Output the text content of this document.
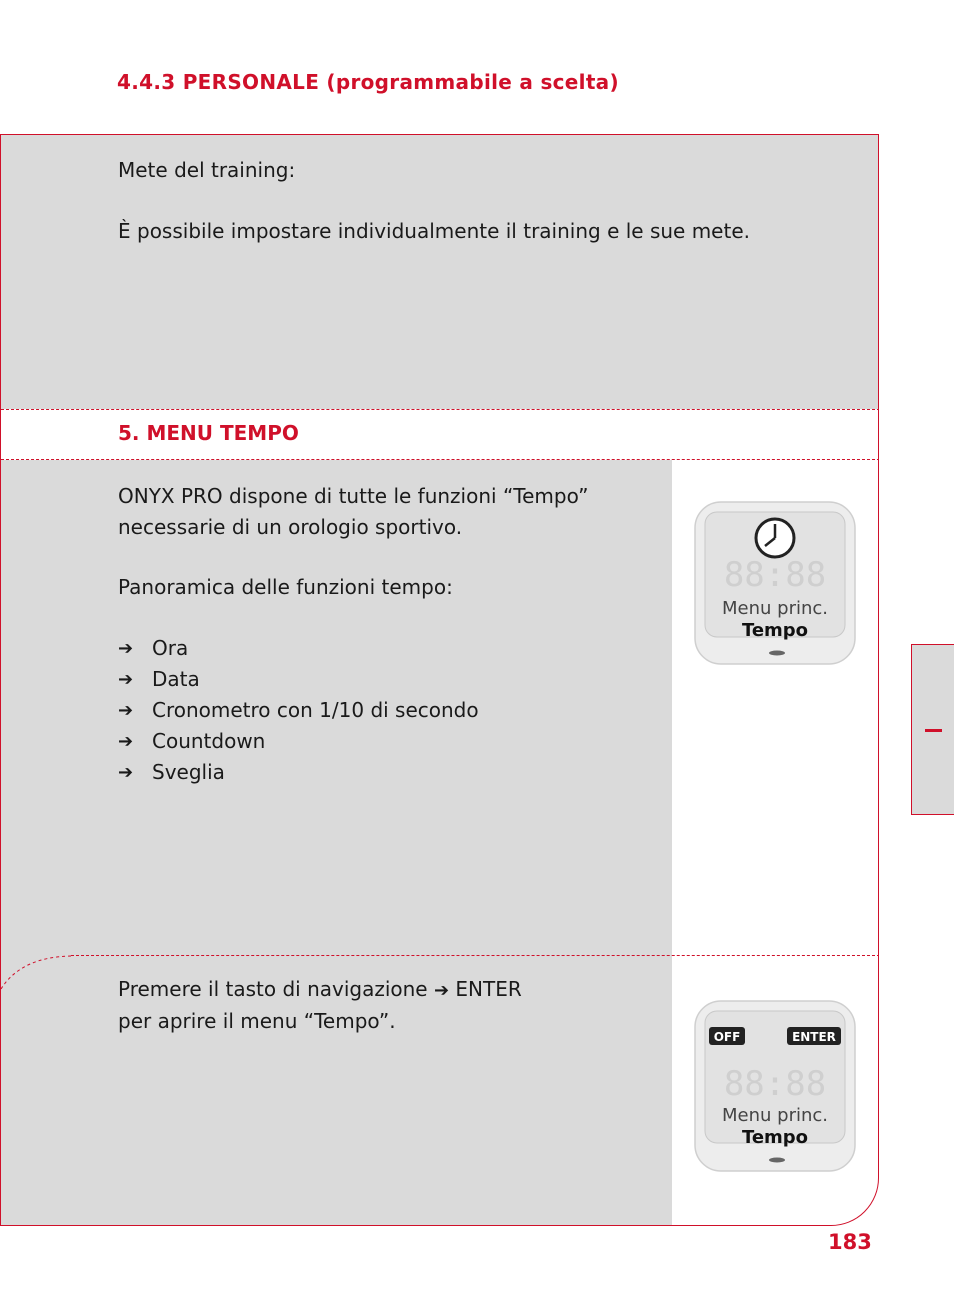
4.4.3 PERSONALE (programmabile a scelta)
Mete del training:
È possibile impostare individualmente il training e le sue mete.
5. MENU TEMPO
ONYX PRO dispone di tutte le funzioni “Tempo”
necessarie di un orologio sportivo.
Panoramica delle funzioni tempo:
➔ Ora
➔ Data
➔ Cronometro con 1/10 di secondo
➔ Countdown
➔ Sveglia
Premere il tasto di navigazione ➔ ENTER
per aprire il menu “Tempo”.
88:88
Menu princ.
Tempo
OFF	ENTER
88:88
Menu princ.
Tempo
183
